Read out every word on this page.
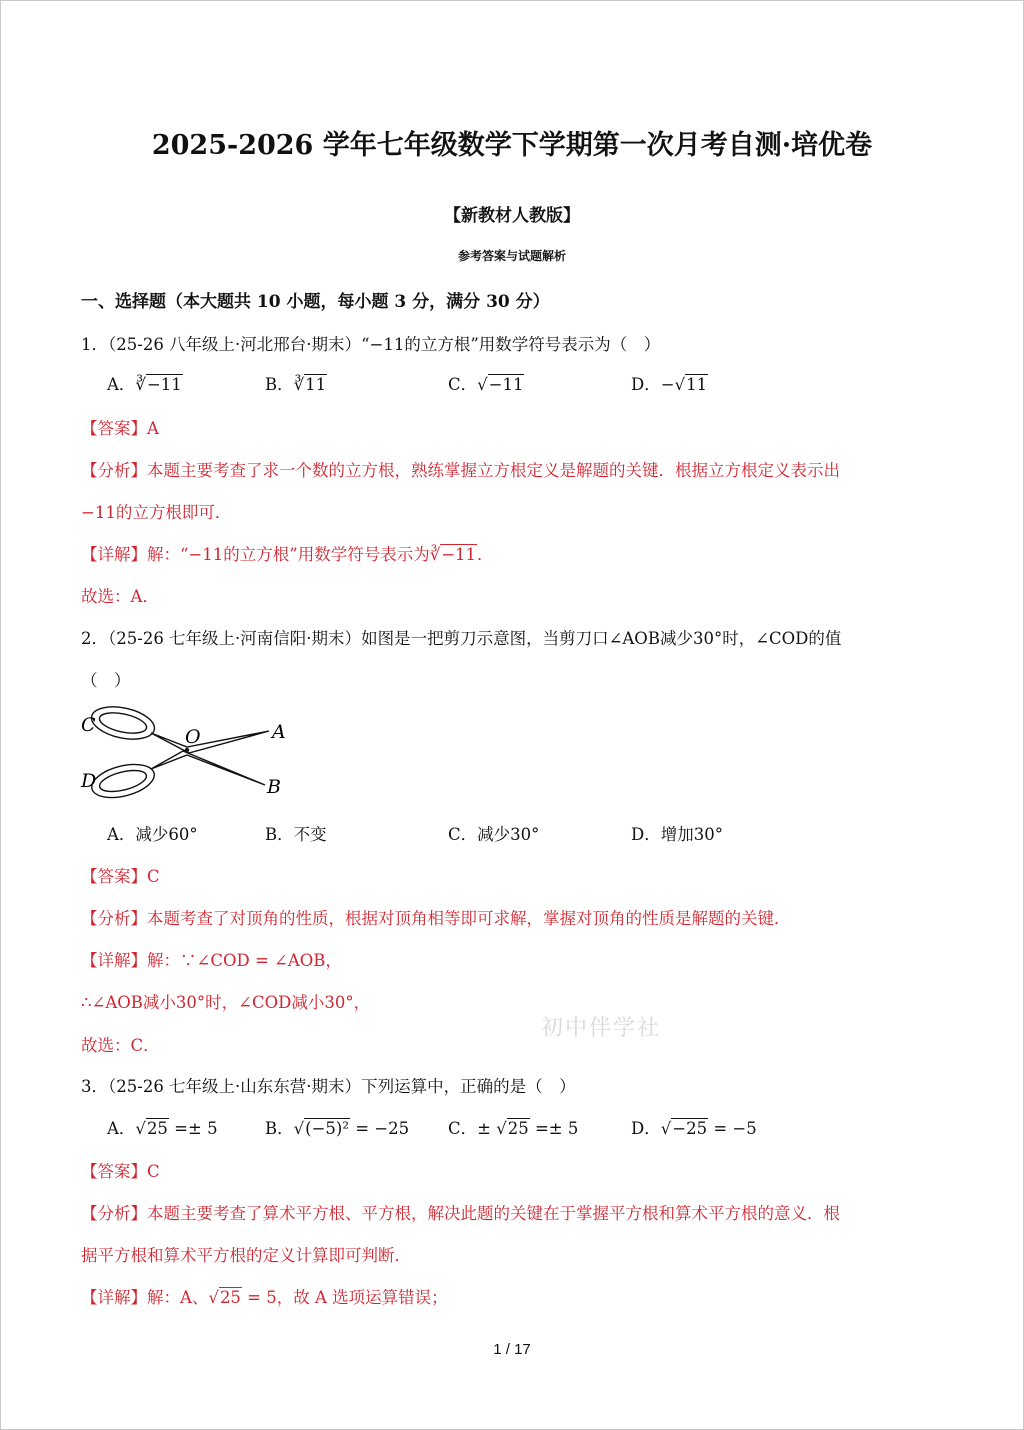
2025-2026 学年七年级数学下学期第一次月考自测·培优卷
【新教材人教版】
参考答案与试题解析
一、选择题（本大题共 10 小题，每小题 3 分，满分 30 分）
1．（25-26 八年级上·河北邢台·期末）“−11的立方根”用数学符号表示为（　）
A．∛−11	B．∛11	C．√−11	D．−√11
【答案】A
【分析】本题主要考查了求一个数的立方根，熟练掌握立方根定义是解题的关键．根据立方根定义表示出
−11的立方根即可．
【详解】解：“−11的立方根”用数学符号表示为∛−11．
故选：A．
2．（25-26 七年级上·河南信阳·期末）如图是一把剪刀示意图，当剪刀口∠AOB减少30°时，∠COD的值
（　）
C
O	A
D	B
A．减少60°	B．不变	C．减少30°	D．增加30°
【答案】C
【分析】本题考查了对顶角的性质，根据对顶角相等即可求解，掌握对顶角的性质是解题的关键．
【详解】解：∵∠COD = ∠AOB，
∴∠AOB减小30°时，∠COD减小30°，
故选：C．
初中伴学社
3．（25-26 七年级上·山东东营·期末）下列运算中，正确的是（　）
A．√25 =± 5	B．√(−5)² = −25 C．± √25 =± 5	D．√−25 = −5
【答案】C
【分析】本题主要考查了算术平方根、平方根，解决此题的关键在于掌握平方根和算术平方根的意义．根
据平方根和算术平方根的定义计算即可判断．
【详解】解：A、√25 = 5，故 A 选项运算错误；
1 / 17
